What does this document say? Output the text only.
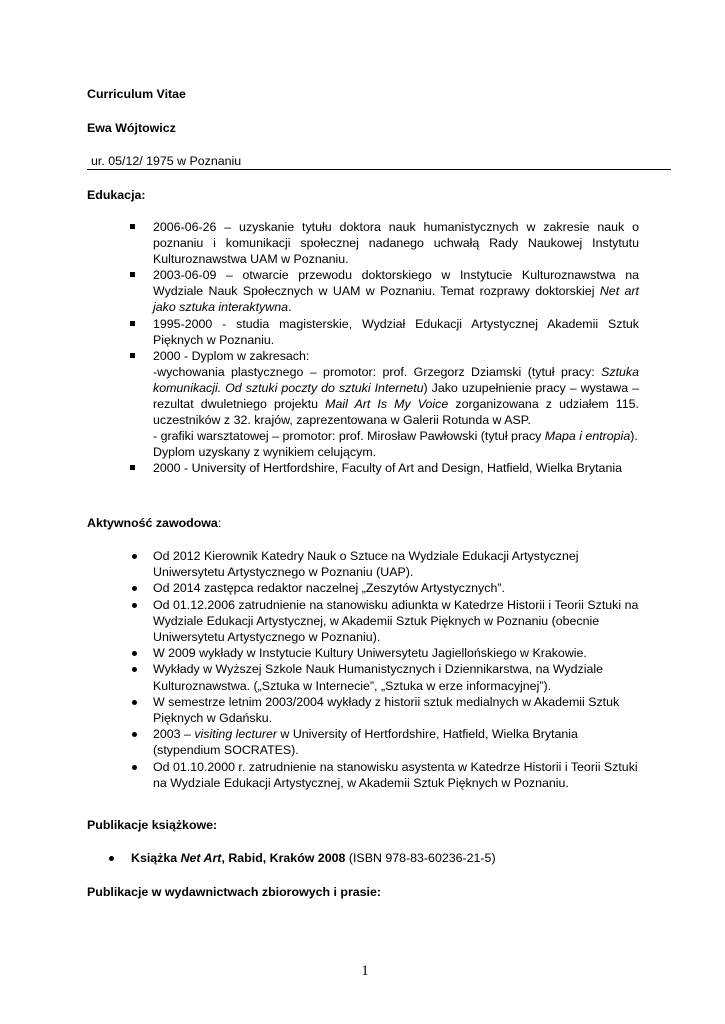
Curriculum Vitae
Ewa Wójtowicz
ur. 05/12/ 1975 w Poznaniu
Edukacja:
2006-06-26 – uzyskanie tytułu doktora nauk humanistycznych w zakresie nauk o poznaniu i komunikacji społecznej nadanego uchwałą Rady Naukowej Instytutu Kulturoznawstwa UAM w Poznaniu.
2003-06-09 – otwarcie przewodu doktorskiego w Instytucie Kulturoznawstwa na Wydziale Nauk Społecznych w UAM w Poznaniu. Temat rozprawy doktorskiej Net art jako sztuka interaktywna.
1995-2000 - studia magisterskie, Wydział Edukacji Artystycznej Akademii Sztuk Pięknych w Poznaniu.
2000 - Dyplom w zakresach:
-wychowania plastycznego – promotor: prof. Grzegorz Dziamski (tytuł pracy: Sztuka komunikacji. Od sztuki poczty do sztuki Internetu) Jako uzupełnienie pracy – wystawa – rezultat dwuletniego projektu Mail Art Is My Voice zorganizowana z udziałem 115. uczestników z 32. krajów, zaprezentowana w Galerii Rotunda w ASP.
- grafiki warsztatowej – promotor: prof. Mirosław Pawłowski (tytuł pracy Mapa i entropia).
Dyplom uzyskany z wynikiem celującym.
2000 - University of Hertfordshire, Faculty of Art and Design, Hatfield, Wielka Brytania
Aktywność zawodowa:
Od 2012 Kierownik Katedry Nauk o Sztuce na Wydziale Edukacji Artystycznej Uniwersytetu Artystycznego w Poznaniu (UAP).
Od 2014 zastępca redaktor naczelnej „Zeszytów Artystycznych”.
Od 01.12.2006 zatrudnienie na stanowisku adiunkta w Katedrze Historii i Teorii Sztuki na Wydziale Edukacji Artystycznej, w Akademii Sztuk Pięknych w Poznaniu (obecnie Uniwersytetu Artystycznego w Poznaniu).
W 2009 wykłady w Instytucie Kultury Uniwersytetu Jagiellońskiego w Krakowie.
Wykłady w Wyższej Szkole Nauk Humanistycznych i Dziennikarstwa, na Wydziale Kulturoznawstwa. („Sztuka w Internecie”, „Sztuka w erze informacyjnej”).
W semestrze letnim 2003/2004 wykłady z historii sztuk medialnych w Akademii Sztuk Pięknych w Gdańsku.
2003 – visiting lecturer w University of Hertfordshire, Hatfield, Wielka Brytania (stypendium SOCRATES).
Od 01.10.2000 r. zatrudnienie na stanowisku asystenta w Katedrze Historii i Teorii Sztuki na Wydziale Edukacji Artystycznej, w Akademii Sztuk Pięknych w Poznaniu.
Publikacje książkowe:
Książka Net Art, Rabid, Kraków 2008 (ISBN 978-83-60236-21-5)
Publikacje w wydawnictwach zbiorowych i prasie:
1
